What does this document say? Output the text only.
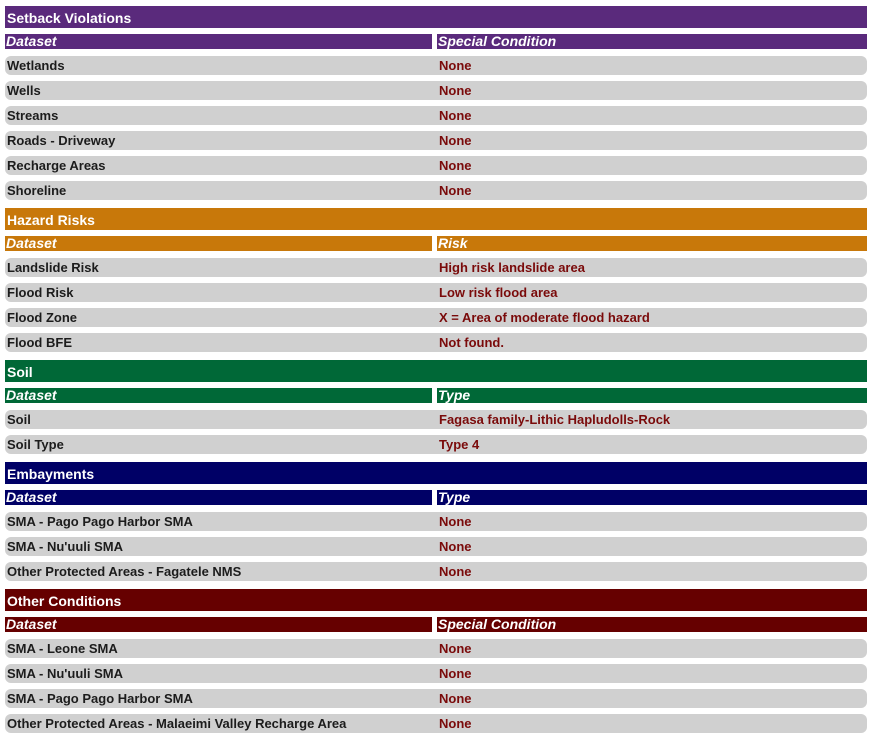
Setback Violations
Dataset	Special Condition
Wetlands	None
Wells	None
Streams	None
Roads - Driveway	None
Recharge Areas	None
Shoreline	None
Hazard Risks
Dataset	Risk
Landslide Risk	High risk landslide area
Flood Risk	Low risk flood area
Flood Zone	X = Area of moderate flood hazard
Flood BFE	Not found.
Soil
Dataset	Type
Soil	Fagasa family-Lithic Hapludolls-Rock
Soil Type	Type 4
Embayments
Dataset	Type
SMA - Pago Pago Harbor SMA	None
SMA - Nu'uuli SMA	None
Other Protected Areas - Fagatele NMS	None
Other Conditions
Dataset	Special Condition
SMA - Leone SMA	None
SMA - Nu'uuli SMA	None
SMA - Pago Pago Harbor SMA	None
Other Protected Areas - Malaeimi Valley Recharge Area	None
